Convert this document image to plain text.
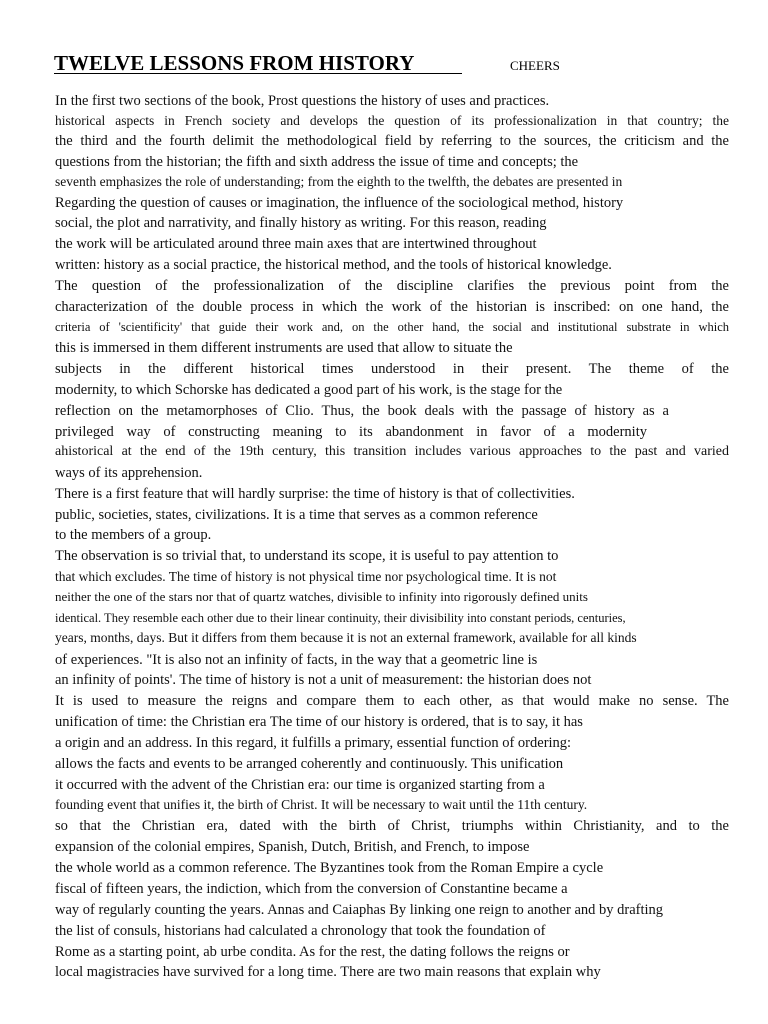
TWELVE LESSONS FROM HISTORY	CHEERS
In the first two sections of the book, Prost questions the history of uses and practices.
historical aspects in French society and develops the question of its professionalization in that country; the
the third and the fourth delimit the methodological field by referring to the sources, the criticism and the
questions from the historian; the fifth and sixth address the issue of time and concepts; the
seventh emphasizes the role of understanding; from the eighth to the twelfth, the debates are presented in
Regarding the question of causes or imagination, the influence of the sociological method, history
social, the plot and narrativity, and finally history as writing. For this reason, reading
the work will be articulated around three main axes that are intertwined throughout
written: history as a social practice, the historical method, and the tools of historical knowledge.
The question of the professionalization of the discipline clarifies the previous point from the
characterization of the double process in which the work of the historian is inscribed: on one hand, the
criteria of 'scientificity' that guide their work and, on the other hand, the social and institutional substrate in which
this is immersed in them different instruments are used that allow to situate the
subjects in the different historical times understood in their present. The theme of the
modernity, to which Schorske has dedicated a good part of his work, is the stage for the
reflection on the metamorphoses of Clio. Thus, the book deals with the passage of history as a
privileged way of constructing meaning to its abandonment in favor of a modernity
ahistorical at the end of the 19th century, this transition includes various approaches to the past and varied
ways of its apprehension.
There is a first feature that will hardly surprise: the time of history is that of collectivities.
public, societies, states, civilizations. It is a time that serves as a common reference
to the members of a group.
The observation is so trivial that, to understand its scope, it is useful to pay attention to
that which excludes. The time of history is not physical time nor psychological time. It is not
neither the one of the stars nor that of quartz watches, divisible to infinity into rigorously defined units
identical. They resemble each other due to their linear continuity, their divisibility into constant periods, centuries,
years, months, days. But it differs from them because it is not an external framework, available for all kinds
of experiences. "It is also not an infinity of facts, in the way that a geometric line is
an infinity of points'. The time of history is not a unit of measurement: the historian does not
It is used to measure the reigns and compare them to each other, as that would make no sense. The
unification of time: the Christian era The time of our history is ordered, that is to say, it has
a origin and an address. In this regard, it fulfills a primary, essential function of ordering:
allows the facts and events to be arranged coherently and continuously. This unification
it occurred with the advent of the Christian era: our time is organized starting from a
founding event that unifies it, the birth of Christ. It will be necessary to wait until the 11th century.
so that the Christian era, dated with the birth of Christ, triumphs within Christianity, and to the
expansion of the colonial empires, Spanish, Dutch, British, and French, to impose
the whole world as a common reference. The Byzantines took from the Roman Empire a cycle
fiscal of fifteen years, the indiction, which from the conversion of Constantine became a
way of regularly counting the years. Annas and Caiaphas By linking one reign to another and by drafting
the list of consuls, historians had calculated a chronology that took the foundation of
Rome as a starting point, ab urbe condita. As for the rest, the dating follows the reigns or
local magistracies have survived for a long time. There are two main reasons that explain why
